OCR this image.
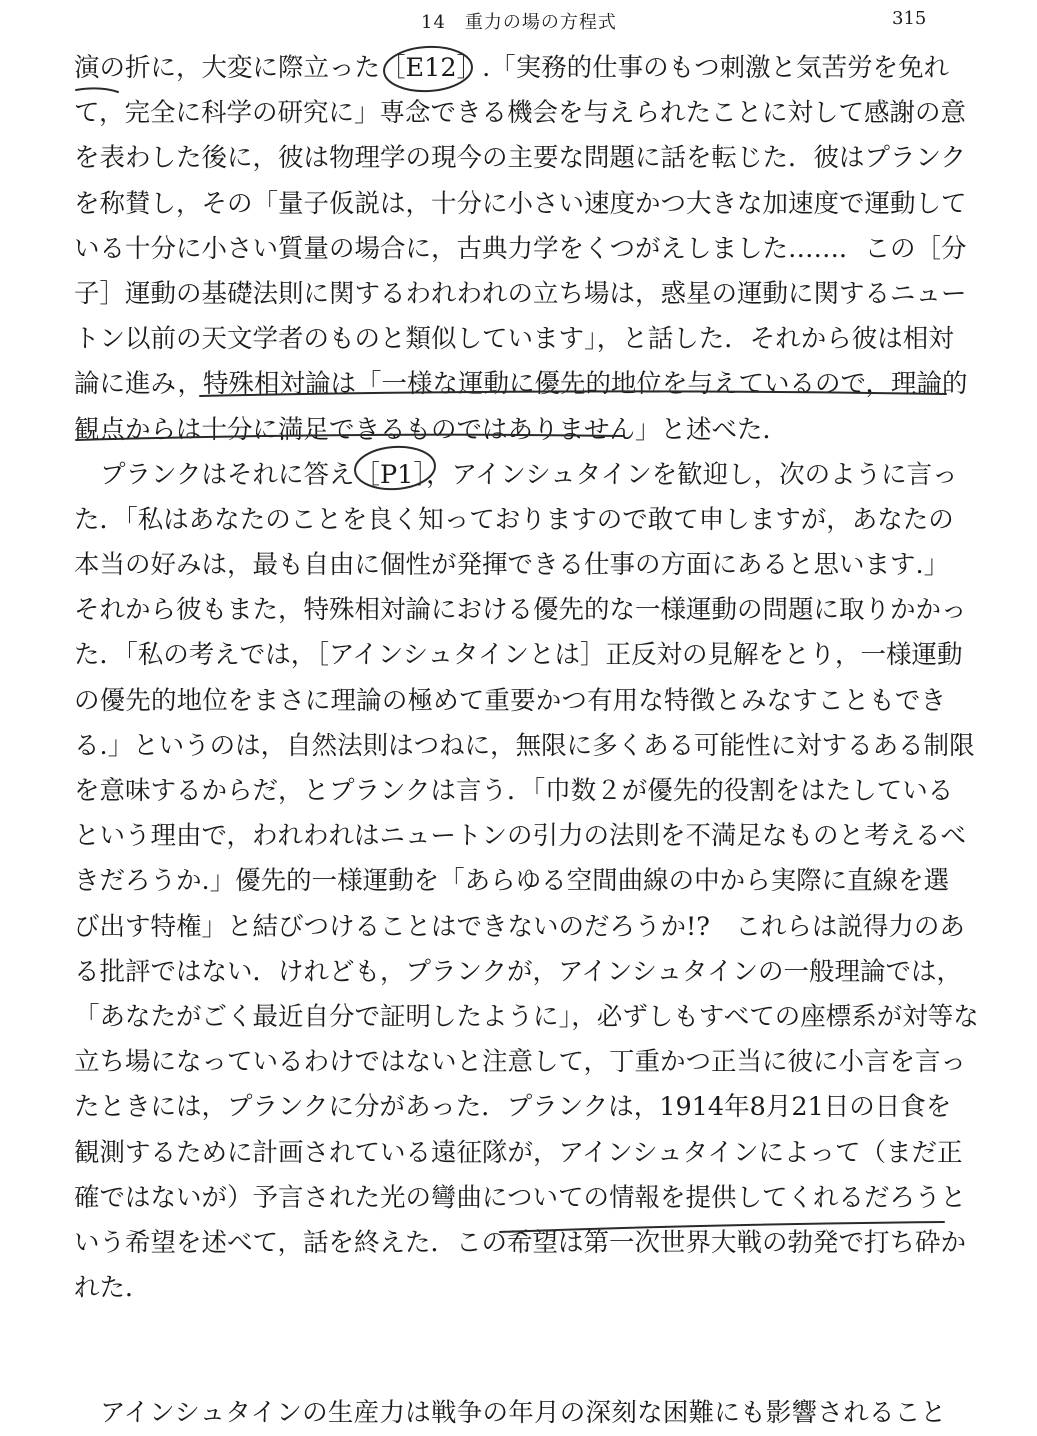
14　重力の場の方程式	315
演の折に，大変に際立った［E12］.「実務的仕事のもつ刺激と気苦労を免れ
て，完全に科学の研究に」専念できる機会を与えられたことに対して感謝の意
を表わした後に，彼は物理学の現今の主要な問題に話を転じた．彼はプランク
を称賛し，その「量子仮説は，十分に小さい速度かつ大きな加速度で運動して
いる十分に小さい質量の場合に，古典力学をくつがえしました……．この［分
子］運動の基礎法則に関するわれわれの立ち場は，惑星の運動に関するニュー
トン以前の天文学者のものと類似しています」，と話した．それから彼は相対
論に進み，特殊相対論は「一様な運動に優先的地位を与えているので，理論的
観点からは十分に満足できるものではありません」と述べた．
プランクはそれに答え［P1］，アインシュタインを歓迎し，次のように言っ
た．「私はあなたのことを良く知っておりますので敢て申しますが，あなたの
本当の好みは，最も自由に個性が発揮できる仕事の方面にあると思います.」
それから彼もまた，特殊相対論における優先的な一様運動の問題に取りかかっ
た．「私の考えでは，［アインシュタインとは］正反対の見解をとり，一様運動
の優先的地位をまさに理論の極めて重要かつ有用な特徴とみなすこともでき
る.」というのは，自然法則はつねに，無限に多くある可能性に対するある制限
を意味するからだ，とプランクは言う．「巾数２が優先的役割をはたしている
という理由で，われわれはニュートンの引力の法則を不満足なものと考えるべ
きだろうか.」優先的一様運動を「あらゆる空間曲線の中から実際に直線を選
び出す特権」と結びつけることはできないのだろうか!?　これらは説得力のあ
る批評ではない．けれども，プランクが，アインシュタインの一般理論では，
「あなたがごく最近自分で証明したように」，必ずしもすべての座標系が対等な
立ち場になっているわけではないと注意して，丁重かつ正当に彼に小言を言っ
たときには，プランクに分があった．プランクは，1914年8月21日の日食を
観測するために計画されている遠征隊が，アインシュタインによって（まだ正
確ではないが）予言された光の彎曲についての情報を提供してくれるだろうと
いう希望を述べて，話を終えた．この希望は第一次世界大戦の勃発で打ち砕か
れた．
アインシュタインの生産力は戦争の年月の深刻な困難にも影響されること
